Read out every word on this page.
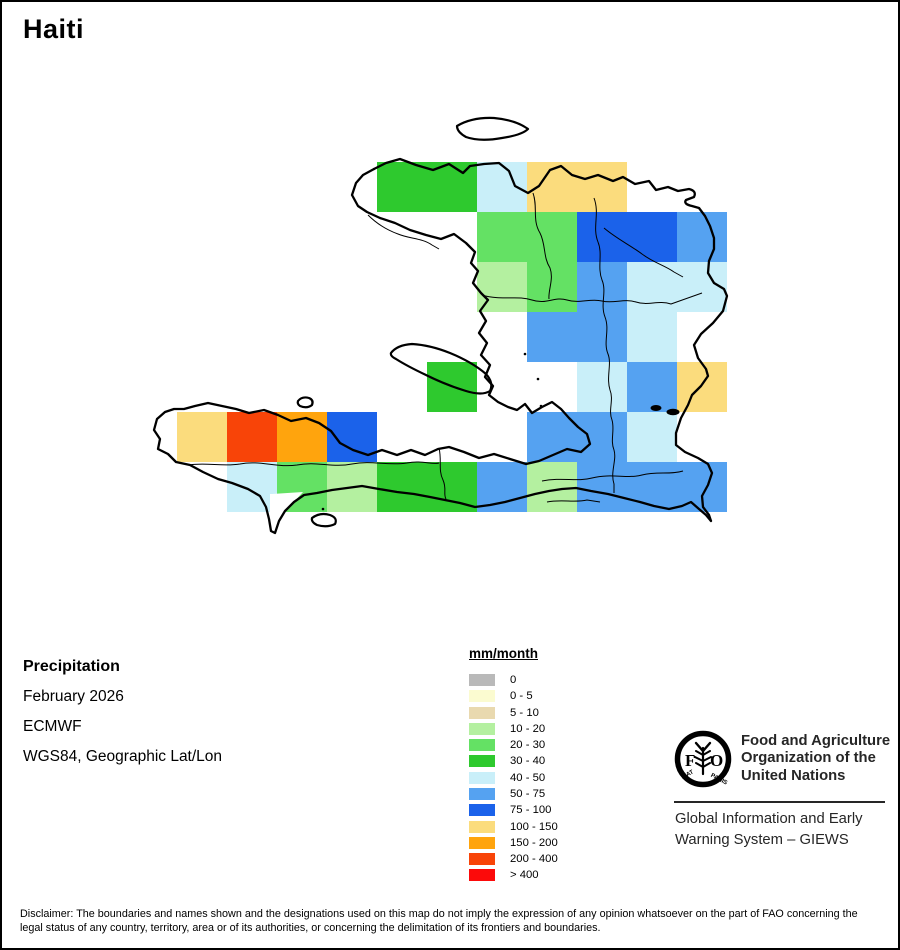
Haiti
Precipitation
February 2026
ECMWF
WGS84, Geographic Lat/Lon
mm/month
0
0 - 5
5 - 10
10 - 20
20 - 30
30 - 40
40 - 50
50 - 75
75 - 100
100 - 150
150 - 200
200 - 400
> 400
F O
FIAT PANIS
Food and Agriculture
Organization of the
United Nations
Global Information and Early
Warning System – GIEWS
Disclaimer: The boundaries and names shown and the designations used on this map do not imply the expression of any opinion whatsoever on the part of FAO concerning the legal status of any country, territory, area or of its authorities, or concerning the delimitation of its frontiers and boundaries.
